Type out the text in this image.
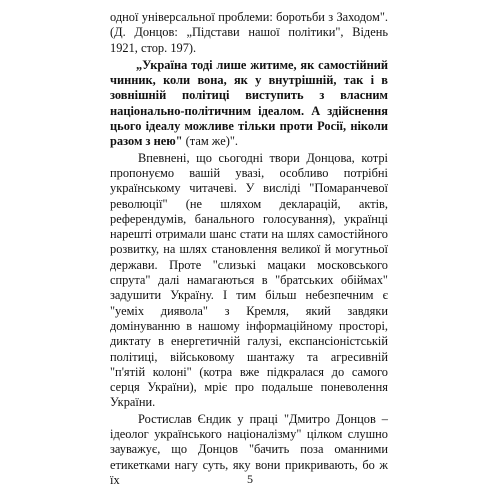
одної універсальної проблеми: боротьби з Заходом". (Д. Донцов: „Підстави нашої політики", Відень 1921, стор. 197).

„Україна тоді лише житиме, як самостійний чинник, коли вона, як у внутрішній, так і в зовнішній політиці виступить з власним національно-політичним ідеалом. А здійснення цього ідеалу можливе тільки проти Росії, ніколи разом з нею" (там же)".

Впевнені, що сьогодні твори Донцова, котрі пропонуємо вашій увазі, особливо потрібні українському читачеві. У висліді "Помаранчевої революції" (не шляхом декларацій, актів, референдумів, банального голосування), українці нарешті отримали шанс стати на шлях самостійного розвитку, на шлях становлення великої й могутньої держави. Проте "слизькі мацаки московського спрута" далі намагаються в "братських обіймах" задушити Україну. І тим більш небезпечним є "уеміх диявола" з Кремля, який завдяки домінуванню в нашому інформаційному просторі, диктату в енергетичній галузі, експансіоністській політиці, військовому шантажу та агресивній "п'ятій колоні" (котра вже підкралася до самого серця України), мріє про подальше поневолення України.

Ростислав Єндик у праці "Дмитро Донцов – ідеолог українського націоналізму" цілком слушно зауважує, що Донцов "бачить поза оманними етикетками нагу суть, яку вони прикривають, бо ж їх	5
